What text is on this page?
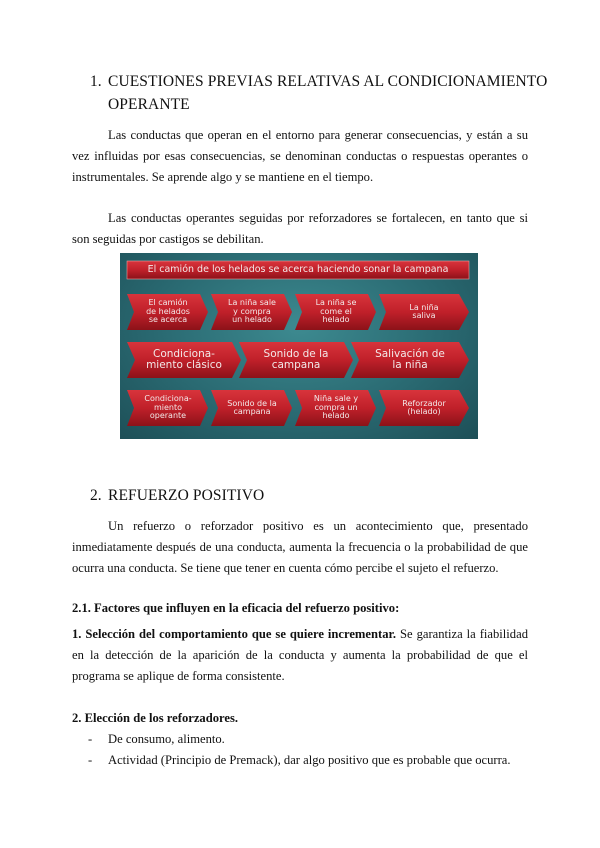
1. CUESTIONES PREVIAS RELATIVAS AL CONDICIONAMIENTO
OPERANTE
Las conductas que operan en el entorno para generar consecuencias, y están a su vez influidas por esas consecuencias, se denominan conductas o respuestas operantes o instrumentales. Se aprende algo y se mantiene en el tiempo.
Las conductas operantes seguidas por reforzadores se fortalecen, en tanto que si son seguidas por castigos se debilitan.
El camión de los helados se acerca haciendo sonar la campana
El camión
de helados
se acerca
La niña sale
y compra
un helado
La niña se
come el
helado
La niña
saliva
Condiciona-
miento clásico
Sonido de la
campana
Salivación de
la niña
Condiciona-
miento
operante
Sonido de la
campana
Niña sale y
compra un
helado
Reforzador
(helado)
2. REFUERZO POSITIVO
Un refuerzo o reforzador positivo es un acontecimiento que, presentado inmediatamente después de una conducta, aumenta la frecuencia o la probabilidad de que ocurra una conducta. Se tiene que tener en cuenta cómo percibe el sujeto el refuerzo.
2.1. Factores que influyen en la eficacia del refuerzo positivo:
1. Selección del comportamiento que se quiere incrementar. Se garantiza la fiabilidad en la detección de la aparición de la conducta y aumenta la probabilidad de que el programa se aplique de forma consistente.
2. Elección de los reforzadores.
- De consumo, alimento.
- Actividad (Principio de Premack), dar algo positivo que es probable que ocurra.
